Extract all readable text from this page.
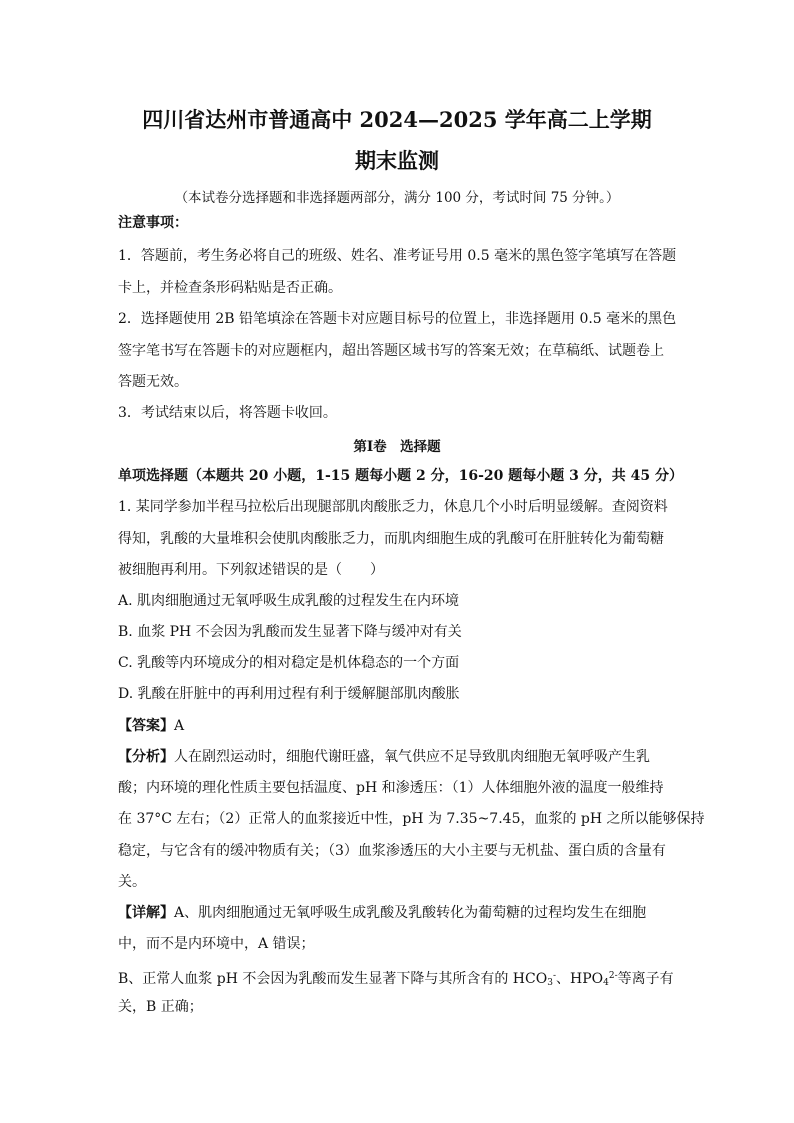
四川省达州市普通高中 2024—2025 学年高二上学期
期末监测
（本试卷分选择题和非选择题两部分，满分 100 分，考试时间 75 分钟。）
注意事项：
1．答题前，考生务必将自己的班级、姓名、准考证号用 0.5 毫米的黑色签字笔填写在答题
卡上，并检查条形码粘贴是否正确。
2．选择题使用 2B 铅笔填涂在答题卡对应题目标号的位置上，非选择题用 0.5 毫米的黑色
签字笔书写在答题卡的对应题框内，超出答题区域书写的答案无效；在草稿纸、试题卷上
答题无效。
3．考试结束以后，将答题卡收回。
第Ⅰ卷　选择题
单项选择题（本题共 20 小题，1-15 题每小题 2 分，16-20 题每小题 3 分，共 45 分）
1. 某同学参加半程马拉松后出现腿部肌肉酸胀乏力，休息几个小时后明显缓解。查阅资料
得知，乳酸的大量堆积会使肌肉酸胀乏力，而肌肉细胞生成的乳酸可在肝脏转化为葡萄糖
被细胞再利用。下列叙述错误的是（　　）
A. 肌肉细胞通过无氧呼吸生成乳酸的过程发生在内环境
B. 血浆 PH 不会因为乳酸而发生显著下降与缓冲对有关
C. 乳酸等内环境成分的相对稳定是机体稳态的一个方面
D. 乳酸在肝脏中的再利用过程有利于缓解腿部肌肉酸胀
【答案】A
【分析】人在剧烈运动时，细胞代谢旺盛，氧气供应不足导致肌肉细胞无氧呼吸产生乳
酸；内环境的理化性质主要包括温度、pH 和渗透压：（1）人体细胞外液的温度一般维持
在 37°C 左右；（2）正常人的血浆接近中性，pH 为 7.35~7.45，血浆的 pH 之所以能够保持
稳定，与它含有的缓冲物质有关；（3）血浆渗透压的大小主要与无机盐、蛋白质的含量有
关。
【详解】A、肌肉细胞通过无氧呼吸生成乳酸及乳酸转化为葡萄糖的过程均发生在细胞
中，而不是内环境中，A 错误；
B、正常人血浆 pH 不会因为乳酸而发生显著下降与其所含有的 $HCO_3^-$、$HPO_4^{2-}$等离子有
关，B 正确；
